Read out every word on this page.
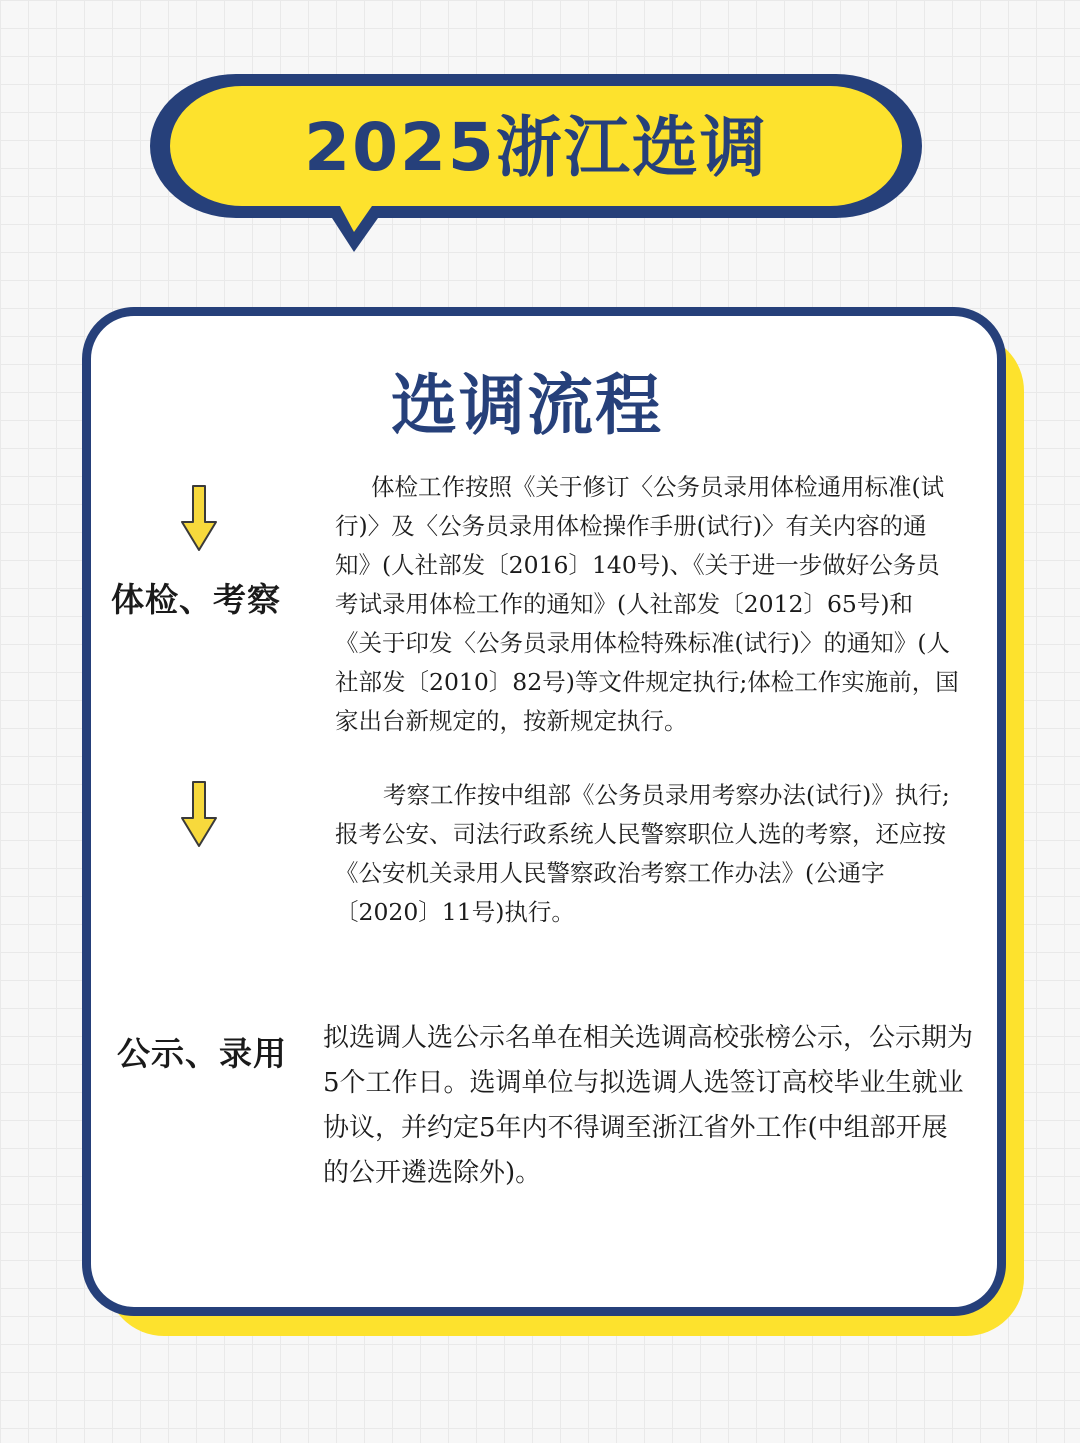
2025浙江选调
选调流程
体检、考察

体检工作按照《关于修订〈公务员录用体检通用标准(试行)〉及〈公务员录用体检操作手册(试行)〉有关内容的通知》(人社部发〔2016〕140号)、《关于进一步做好公务员考试录用体检工作的通知》(人社部发〔2012〕65号)和《关于印发〈公务员录用体检特殊标准(试行)〉的通知》(人社部发〔2010〕82号)等文件规定执行;体检工作实施前，国家出台新规定的，按新规定执行。

考察工作按中组部《公务员录用考察办法(试行)》执行;报考公安、司法行政系统人民警察职位人选的考察，还应按《公安机关录用人民警察政治考察工作办法》(公通字〔2020〕11号)执行。

公示、录用 拟选调人选公示名单在相关选调高校张榜公示，公示期为5个工作日。选调单位与拟选调人选签订高校毕业生就业协议，并约定5年内不得调至浙江省外工作(中组部开展的公开遴选除外)。
